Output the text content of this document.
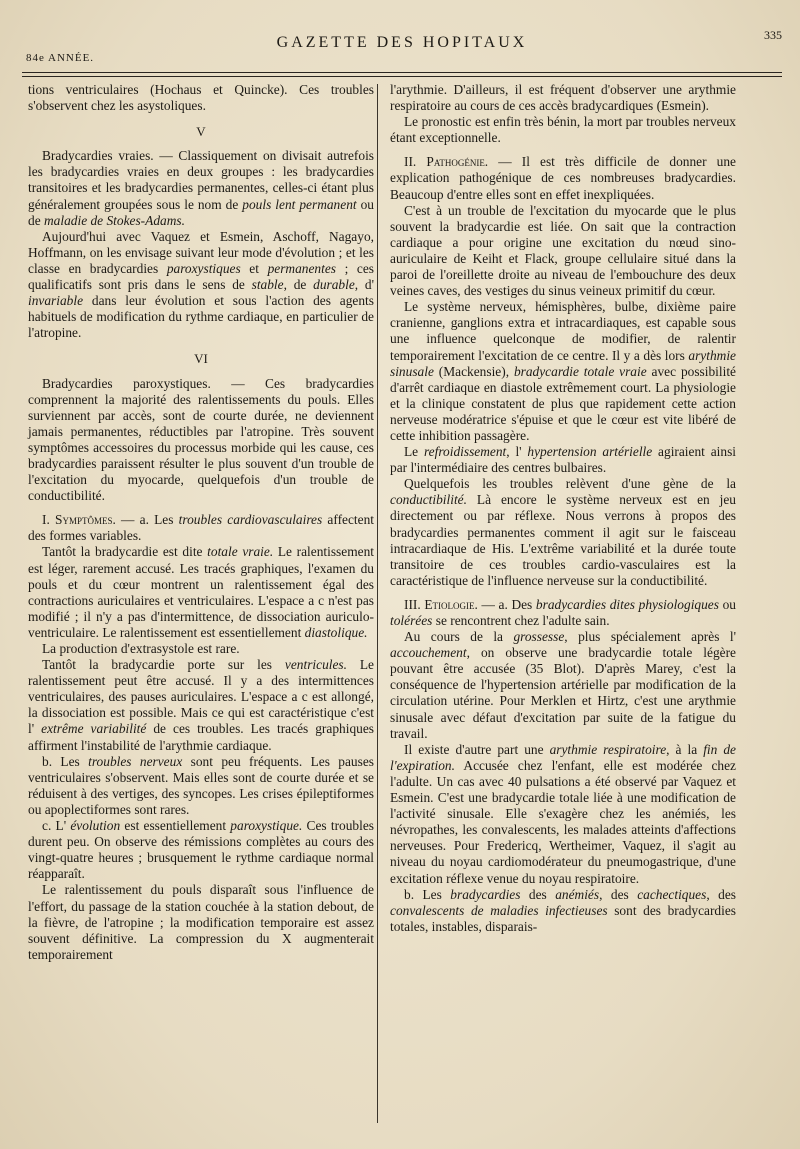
84e ANNÉE.
GAZETTE DES HOPITAUX	335

tions ventriculaires (Hochaus et Quincke). Ces troubles s'observent chez les asystoliques.

V

Bradycardies vraies. — Classiquement on divisait autrefois les bradycardies vraies en deux groupes : les bradycardies transitoires et les bradycardies permanentes, celles-ci étant plus généralement groupées sous le nom de pouls lent permanent ou de maladie de Stokes-Adams.

Aujourd'hui avec Vaquez et Esmein, Aschoff, Nagayo, Hoffmann, on les envisage suivant leur mode d'évolution ; et les classe en bradycardies paroxystiques et permanentes ; ces qualificatifs sont pris dans le sens de stable, de durable, d' invariable dans leur évolution et sous l'action des agents habituels de modification du rythme cardiaque, en particulier de l'atropine.

VI

Bradycardies paroxystiques. — Ces bradycardies comprennent la majorité des ralentissements du pouls. Elles surviennent par accès, sont de courte durée, ne deviennent jamais permanentes, réductibles par l'atropine. Très souvent symptômes accessoires du processus morbide qui les cause, ces bradycardies paraissent résulter le plus souvent d'un trouble de l'excitation du myocarde, quelquefois d'un trouble de conductibilité.

I. Symptômes. — a. Les troubles cardiovasculaires affectent des formes variables.

Tantôt la bradycardie est dite totale vraie. Le ralentissement est léger, rarement accusé. Les tracés graphiques, l'examen du pouls et du cœur montrent un ralentissement égal des contractions auriculaires et ventriculaires. L'espace a c n'est pas modifié ; il n'y a pas d'intermittence, de dissociation auriculo-ventriculaire. Le ralentissement est essentiellement diastolique.

La production d'extrasystole est rare.

Tantôt la bradycardie porte sur les ventricules. Le ralentissement peut être accusé. Il y a des intermittences ventriculaires, des pauses auriculaires. L'espace a c est allongé, la dissociation est possible. Mais ce qui est caractéristique c'est l' extrême variabilité de ces troubles. Les tracés graphiques affirment l'instabilité de l'arythmie cardiaque.

b. Les troubles nerveux sont peu fréquents. Les pauses ventriculaires s'observent. Mais elles sont de courte durée et se réduisent à des vertiges, des syncopes. Les crises épileptiformes ou apoplectiformes sont rares.

c. L' évolution est essentiellement paroxystique. Ces troubles durent peu. On observe des rémissions complètes au cours des vingt-quatre heures ; brusquement le rythme cardiaque normal réapparaît.

Le ralentissement du pouls disparaît sous l'influence de l'effort, du passage de la station couchée à la station debout, de la fièvre, de l'atropine ; la modification temporaire est assez souvent définitive. La compression du X augmenterait temporairement

l'arythmie. D'ailleurs, il est fréquent d'observer une arythmie respiratoire au cours de ces accès bradycardiques (Esmein).

Le pronostic est enfin très bénin, la mort par troubles nerveux étant exceptionnelle.

II. Pathogénie. — Il est très difficile de donner une explication pathogénique de ces nombreuses bradycardies. Beaucoup d'entre elles sont en effet inexpliquées.

C'est à un trouble de l'excitation du myocarde que le plus souvent la bradycardie est liée. On sait que la contraction cardiaque a pour origine une excitation du nœud sino-auriculaire de Keiht et Flack, groupe cellulaire situé dans la paroi de l'oreillette droite au niveau de l'embouchure des deux veines caves, des vestiges du sinus veineux primitif du cœur.

Le système nerveux, hémisphères, bulbe, dixième paire cranienne, ganglions extra et intracardiaques, est capable sous une influence quelconque de modifier, de ralentir temporairement l'excitation de ce centre. Il y a dès lors arythmie sinusale (Mackensie), bradycardie totale vraie avec possibilité d'arrêt cardiaque en diastole extrêmement court. La physiologie et la clinique constatent de plus que rapidement cette action nerveuse modératrice s'épuise et que le cœur est vite libéré de cette inhibition passagère.

Le refroidissement, l' hypertension artérielle agiraient ainsi par l'intermédiaire des centres bulbaires.

Quelquefois les troubles relèvent d'une gène de la conductibilité. Là encore le système nerveux est en jeu directement ou par réflexe. Nous verrons à propos des bradycardies permanentes comment il agit sur le faisceau intracardiaque de His. L'extrême variabilité et la durée toute transitoire de ces troubles cardio-vasculaires est la caractéristique de l'influence nerveuse sur la conductibilité.

III. Etiologie. — a. Des bradycardies dites physiologiques ou tolérées se rencontrent chez l'adulte sain.

Au cours de la grossesse, plus spécialement après l' accouchement, on observe une bradycardie totale légère pouvant être accusée (35 Blot). D'après Marey, c'est la conséquence de l'hypertension artérielle par modification de la circulation utérine. Pour Merklen et Hirtz, c'est une arythmie sinusale avec défaut d'excitation par suite de la fatigue du travail.

Il existe d'autre part une arythmie respiratoire, à la fin de l'expiration. Accusée chez l'enfant, elle est modérée chez l'adulte. Un cas avec 40 pulsations a été observé par Vaquez et Esmein. C'est une bradycardie totale liée à une modification de l'activité sinusale. Elle s'exagère chez les anémiés, les névropathes, les convalescents, les malades atteints d'affections nerveuses. Pour Fredericq, Wertheimer, Vaquez, il s'agit au niveau du noyau cardiomodérateur du pneumogastrique, d'une excitation réflexe venue du noyau respiratoire.

b. Les bradycardies des anémiés, des cachectiques, des convalescents de maladies infectieuses sont des bradycardies totales, instables, disparais-
